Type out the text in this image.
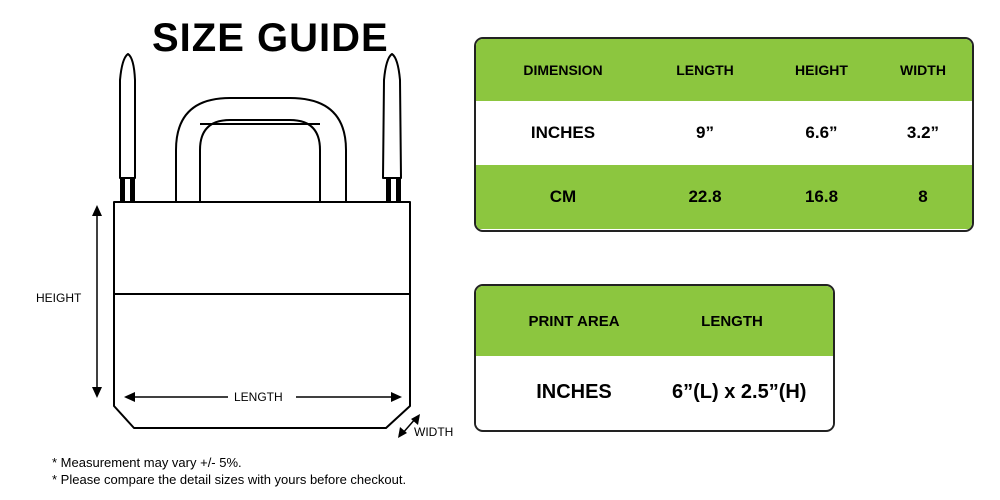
SIZE GUIDE
HEIGHT
LENGTH
WIDTH
DIMENSION	LENGTH	HEIGHT	WIDTH
INCHES	9”	6.6”	3.2”
CM	22.8	16.8	8
PRINT AREA	LENGTH
INCHES	6”(L) x 2.5”(H)
* Measurement may vary +/- 5%.
* Please compare the detail sizes with yours before checkout.
